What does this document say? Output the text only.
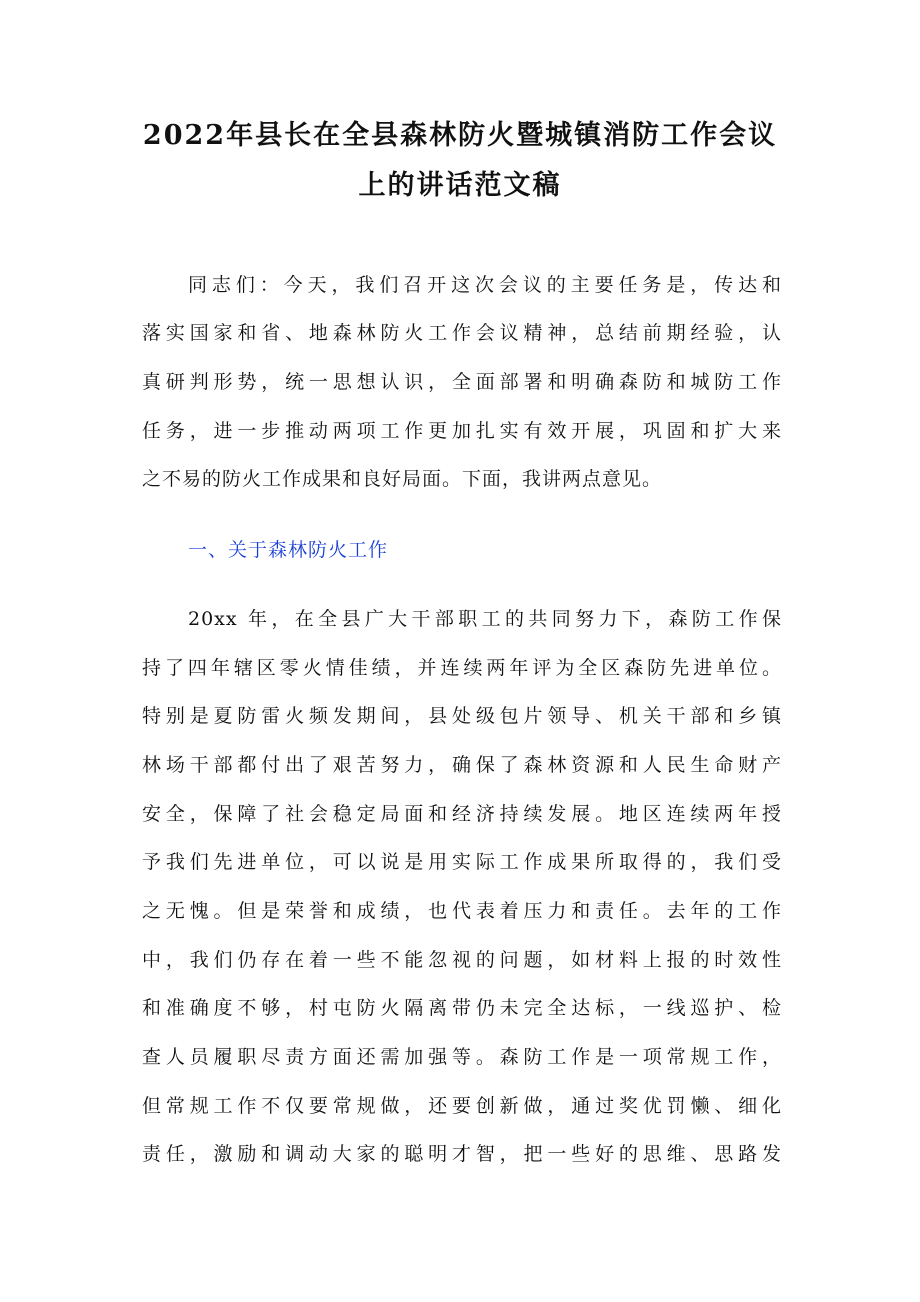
2022年县长在全县森林防火暨城镇消防工作会议
上的讲话范文稿
同志们：今天，我们召开这次会议的主要任务是，传达和
落实国家和省、地森林防火工作会议精神，总结前期经验，认
真研判形势，统一思想认识，全面部署和明确森防和城防工作
任务，进一步推动两项工作更加扎实有效开展，巩固和扩大来
之不易的防火工作成果和良好局面。下面，我讲两点意见。
一、关于森林防火工作
20xx 年，在全县广大干部职工的共同努力下，森防工作保
持了四年辖区零火情佳绩，并连续两年评为全区森防先进单位。
特别是夏防雷火频发期间，县处级包片领导、机关干部和乡镇
林场干部都付出了艰苦努力，确保了森林资源和人民生命财产
安全，保障了社会稳定局面和经济持续发展。地区连续两年授
予我们先进单位，可以说是用实际工作成果所取得的，我们受
之无愧。但是荣誉和成绩，也代表着压力和责任。去年的工作
中，我们仍存在着一些不能忽视的问题，如材料上报的时效性
和准确度不够，村屯防火隔离带仍未完全达标，一线巡护、检
查人员履职尽责方面还需加强等。森防工作是一项常规工作，
但常规工作不仅要常规做，还要创新做，通过奖优罚懒、细化
责任，激励和调动大家的聪明才智，把一些好的思维、思路发
